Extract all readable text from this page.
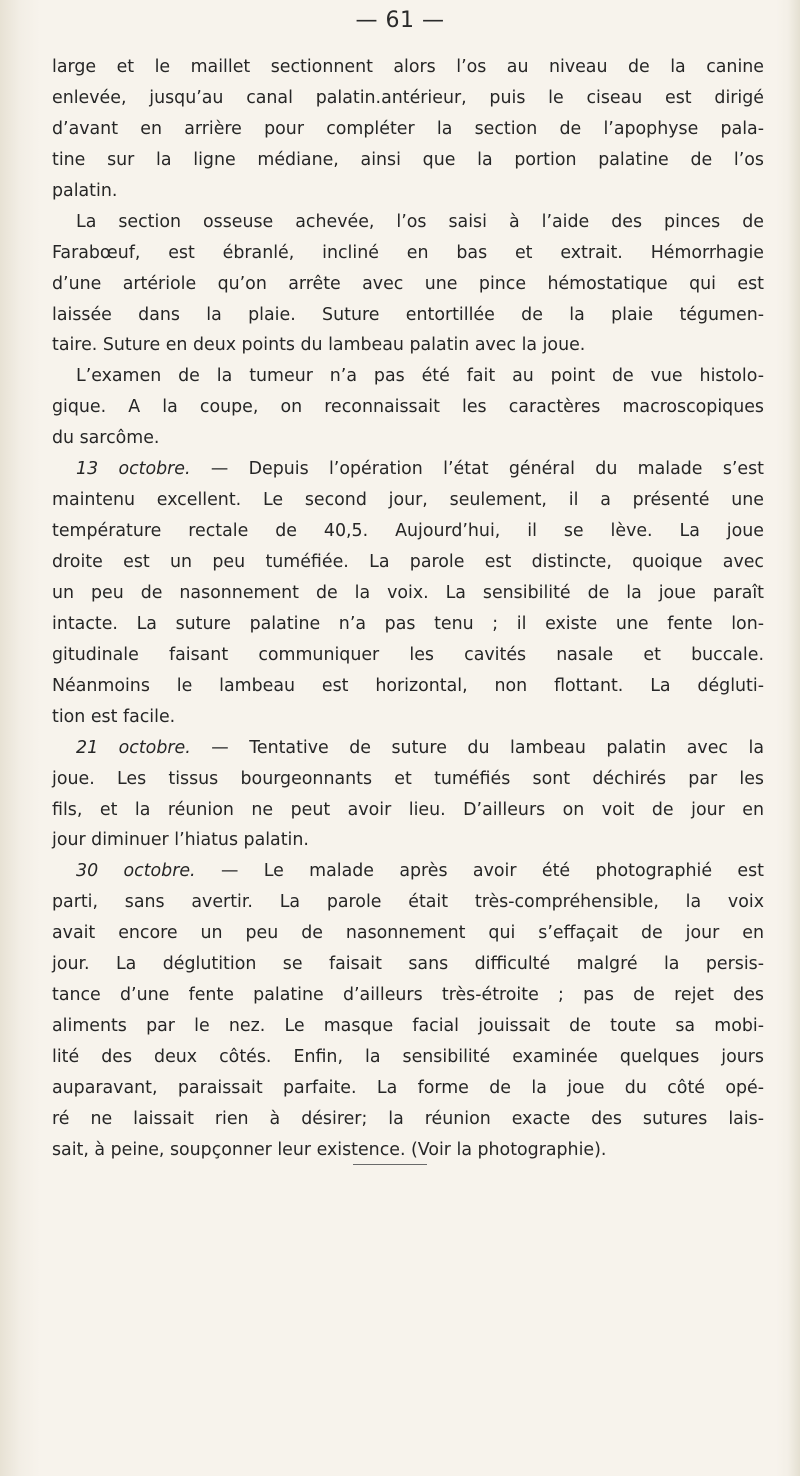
— 61 —
large et le maillet sectionnent alors l’os au niveau de la canine
enlevée, jusqu’au canal palatin.antérieur, puis le ciseau est dirigé
d’avant en arrière pour compléter la section de l’apophyse pala-
tine sur la ligne médiane, ainsi que la portion palatine de l’os
palatin.
La section osseuse achevée, l’os saisi à l’aide des pinces de
Farabœuf, est ébranlé, incliné en bas et extrait. Hémorrhagie
d’une artériole qu’on arrête avec une pince hémostatique qui est
laissée dans la plaie. Suture entortillée de la plaie tégumen-
taire. Suture en deux points du lambeau palatin avec la joue.
L’examen de la tumeur n’a pas été fait au point de vue histolo-
gique. A la coupe, on reconnaissait les caractères macroscopiques
du sarcôme.
13 octobre. — Depuis l’opération l’état général du malade s’est
maintenu excellent. Le second jour, seulement, il a présenté une
température rectale de 40,5. Aujourd’hui, il se lève. La joue
droite est un peu tuméfiée. La parole est distincte, quoique avec
un peu de nasonnement de la voix. La sensibilité de la joue paraît
intacte. La suture palatine n’a pas tenu ; il existe une fente lon-
gitudinale faisant communiquer les cavités nasale et buccale.
Néanmoins le lambeau est horizontal, non flottant. La dégluti-
tion est facile.
21 octobre. — Tentative de suture du lambeau palatin avec la
joue. Les tissus bourgeonnants et tuméfiés sont déchirés par les
fils, et la réunion ne peut avoir lieu. D’ailleurs on voit de jour en
jour diminuer l’hiatus palatin.
30 octobre. — Le malade après avoir été photographié est
parti, sans avertir. La parole était très-compréhensible, la voix
avait encore un peu de nasonnement qui s’effaçait de jour en
jour. La déglutition se faisait sans difficulté malgré la persis-
tance d’une fente palatine d’ailleurs très-étroite ; pas de rejet des
aliments par le nez. Le masque facial jouissait de toute sa mobi-
lité des deux côtés. Enfin, la sensibilité examinée quelques jours
auparavant, paraissait parfaite. La forme de la joue du côté opé-
ré ne laissait rien à désirer; la réunion exacte des sutures lais-
sait, à peine, soupçonner leur existence. (Voir la photographie).
